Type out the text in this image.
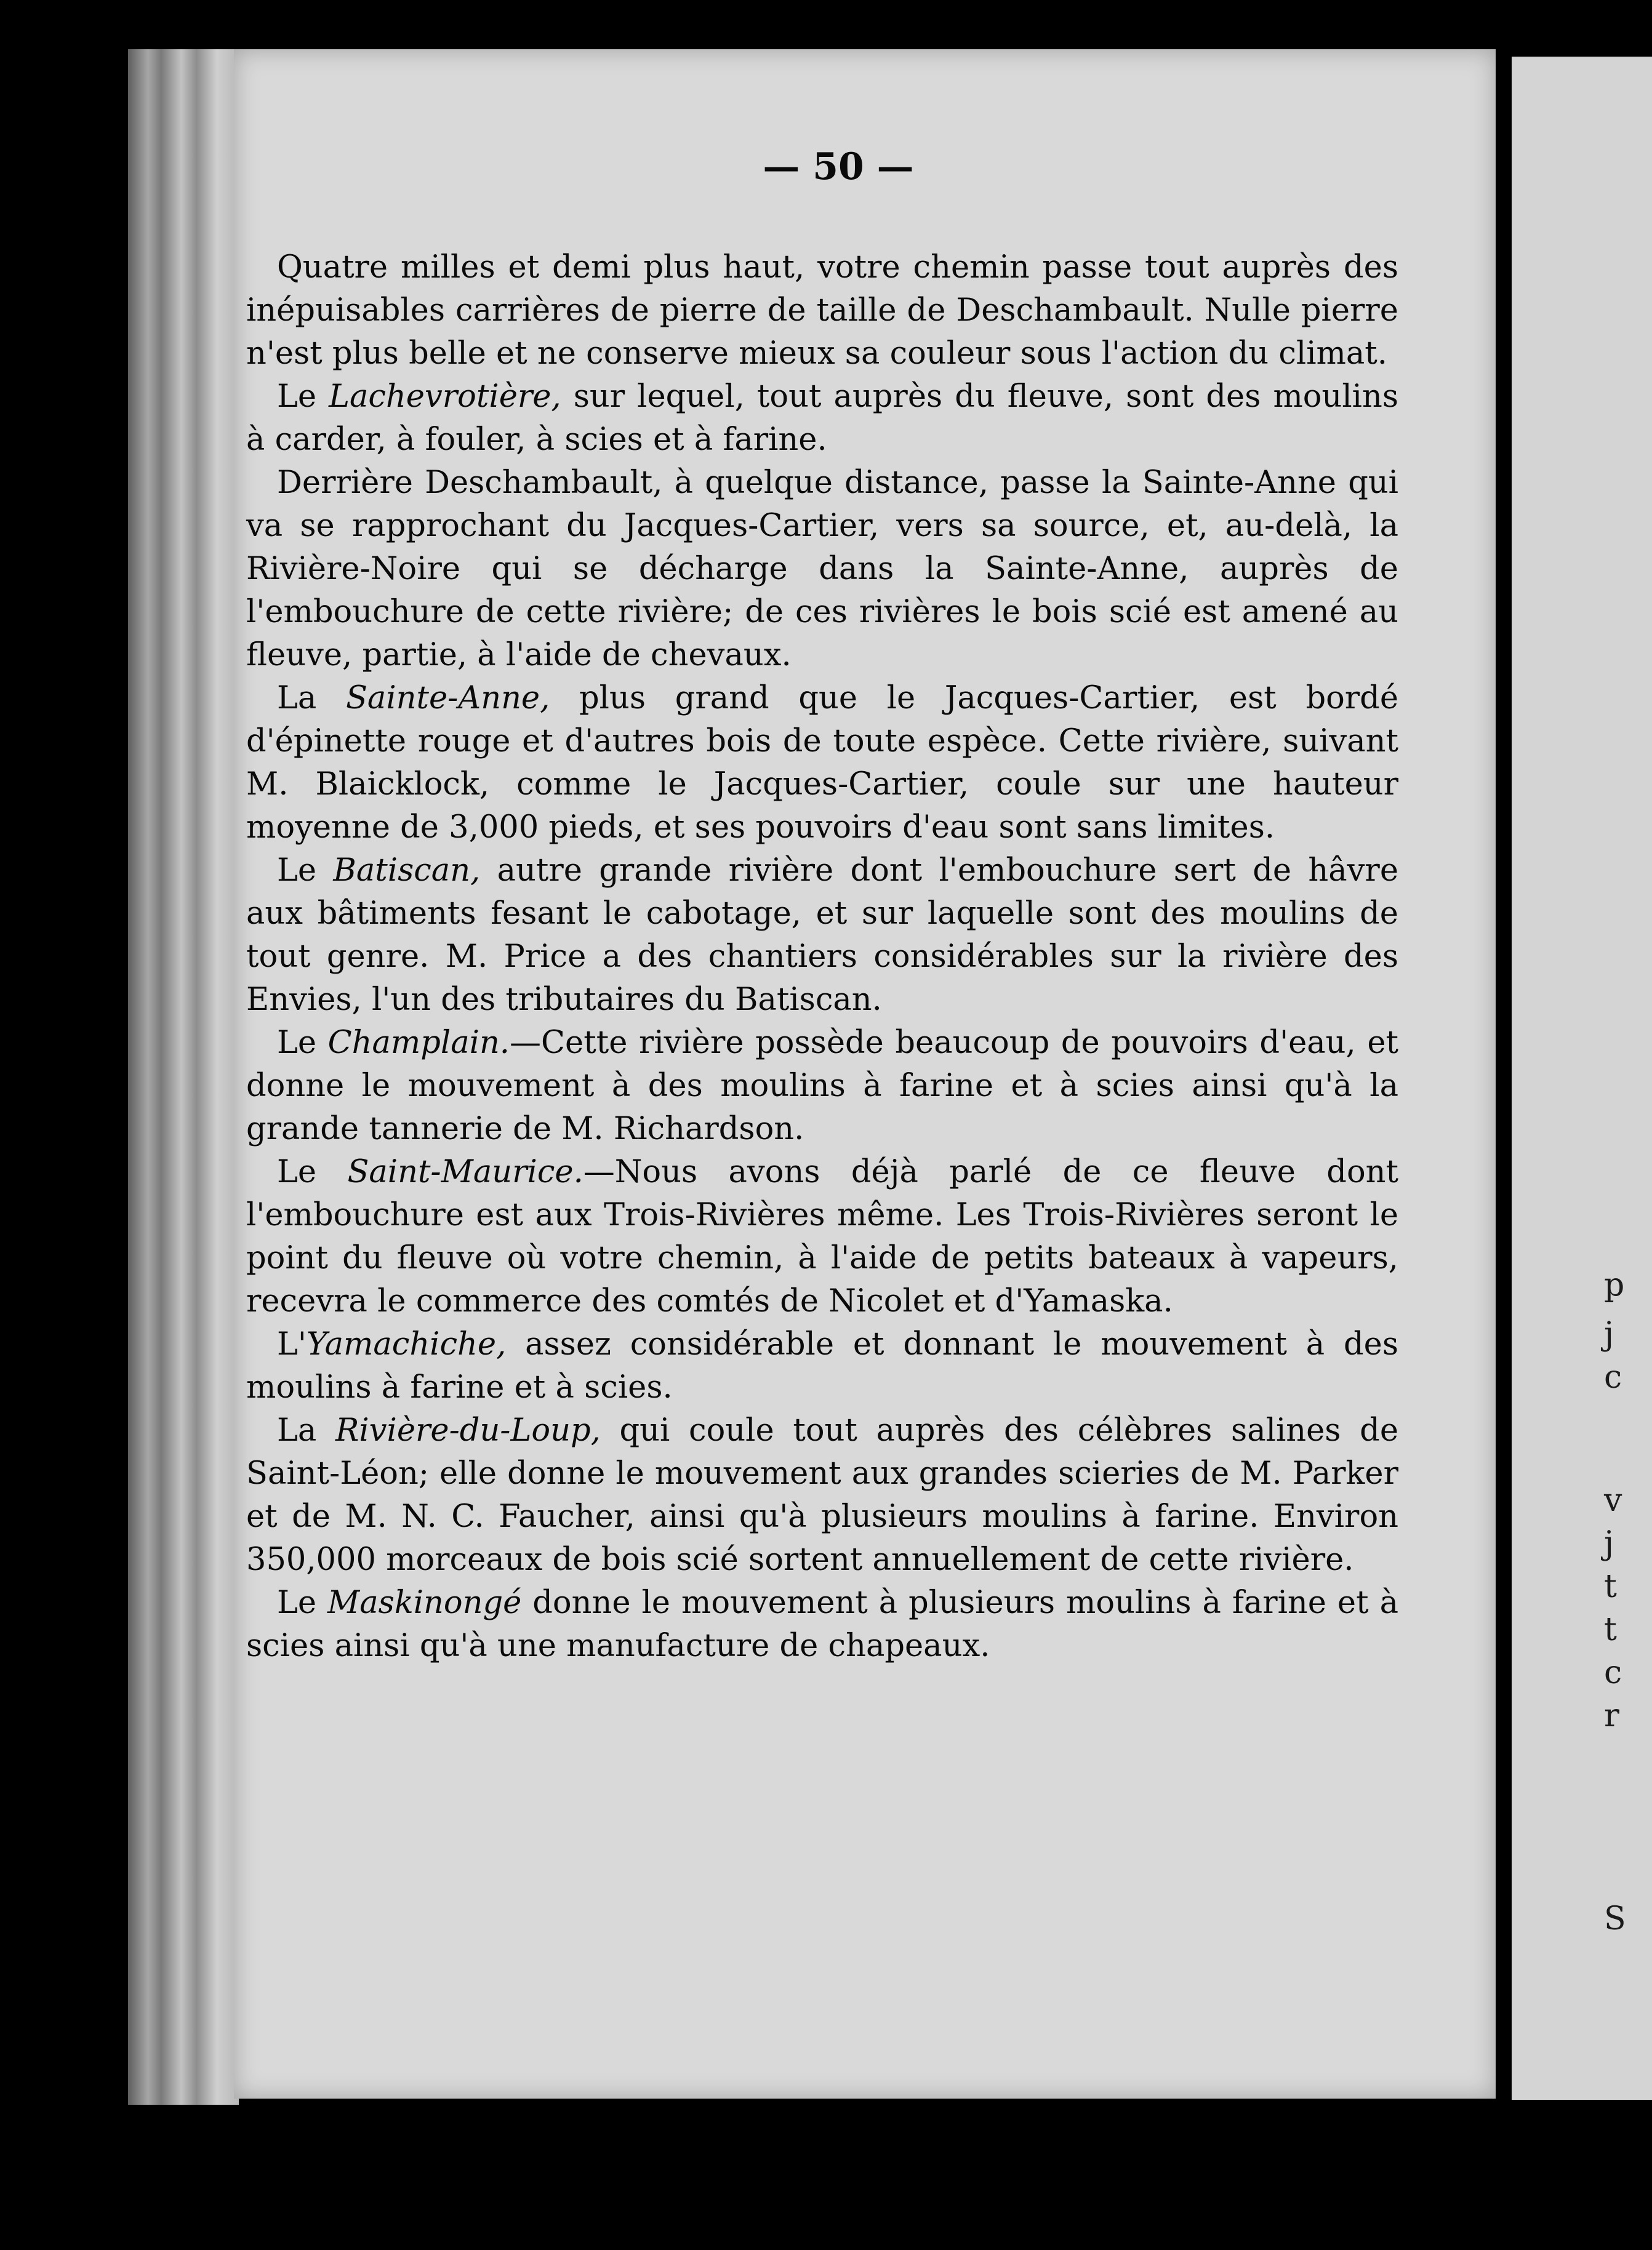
p
j
c
v
j
t
t
c
r
S
— 50 —

Quatre milles et demi plus haut, votre chemin passe tout auprès des inépuisables carrières de pierre de taille de Deschambault. Nulle pierre n'est plus belle et ne conserve mieux sa couleur sous l'action du climat.

Le Lachevrotière, sur lequel, tout auprès du fleuve, sont des moulins à carder, à fouler, à scies et à farine.

Derrière Deschambault, à quelque distance, passe la Sainte-Anne qui va se rapprochant du Jacques-Cartier, vers sa source, et, au-delà, la Rivière-Noire qui se décharge dans la Sainte-Anne, auprès de l'embouchure de cette rivière; de ces rivières le bois scié est amené au fleuve, partie, à l'aide de chevaux.

La Sainte-Anne, plus grand que le Jacques-Cartier, est bordé d'épinette rouge et d'autres bois de toute espèce. Cette rivière, suivant M. Blaicklock, comme le Jacques-Cartier, coule sur une hauteur moyenne de 3,000 pieds, et ses pouvoirs d'eau sont sans limites.

Le Batiscan, autre grande rivière dont l'embouchure sert de hâvre aux bâtiments fesant le cabotage, et sur laquelle sont des moulins de tout genre. M. Price a des chantiers considérables sur la rivière des Envies, l'un des tributaires du Batiscan.

Le Champlain.—Cette rivière possède beaucoup de pouvoirs d'eau, et donne le mouvement à des moulins à farine et à scies ainsi qu'à la grande tannerie de M. Richardson.

Le Saint-Maurice.—Nous avons déjà parlé de ce fleuve dont l'embouchure est aux Trois-Rivières même. Les Trois-Rivières seront le point du fleuve où votre chemin, à l'aide de petits bateaux à vapeurs, recevra le commerce des comtés de Nicolet et d'Yamaska.

L'Yamachiche, assez considérable et donnant le mouvement à des moulins à farine et à scies.

La Rivière-du-Loup, qui coule tout auprès des célèbres salines de Saint-Léon; elle donne le mouvement aux grandes scieries de M. Parker et de M. N. C. Faucher, ainsi qu'à plusieurs moulins à farine. Environ 350,000 morceaux de bois scié sortent annuellement de cette rivière.

Le Maskinongé donne le mouvement à plusieurs moulins à farine et à scies ainsi qu'à une manufacture de chapeaux.
